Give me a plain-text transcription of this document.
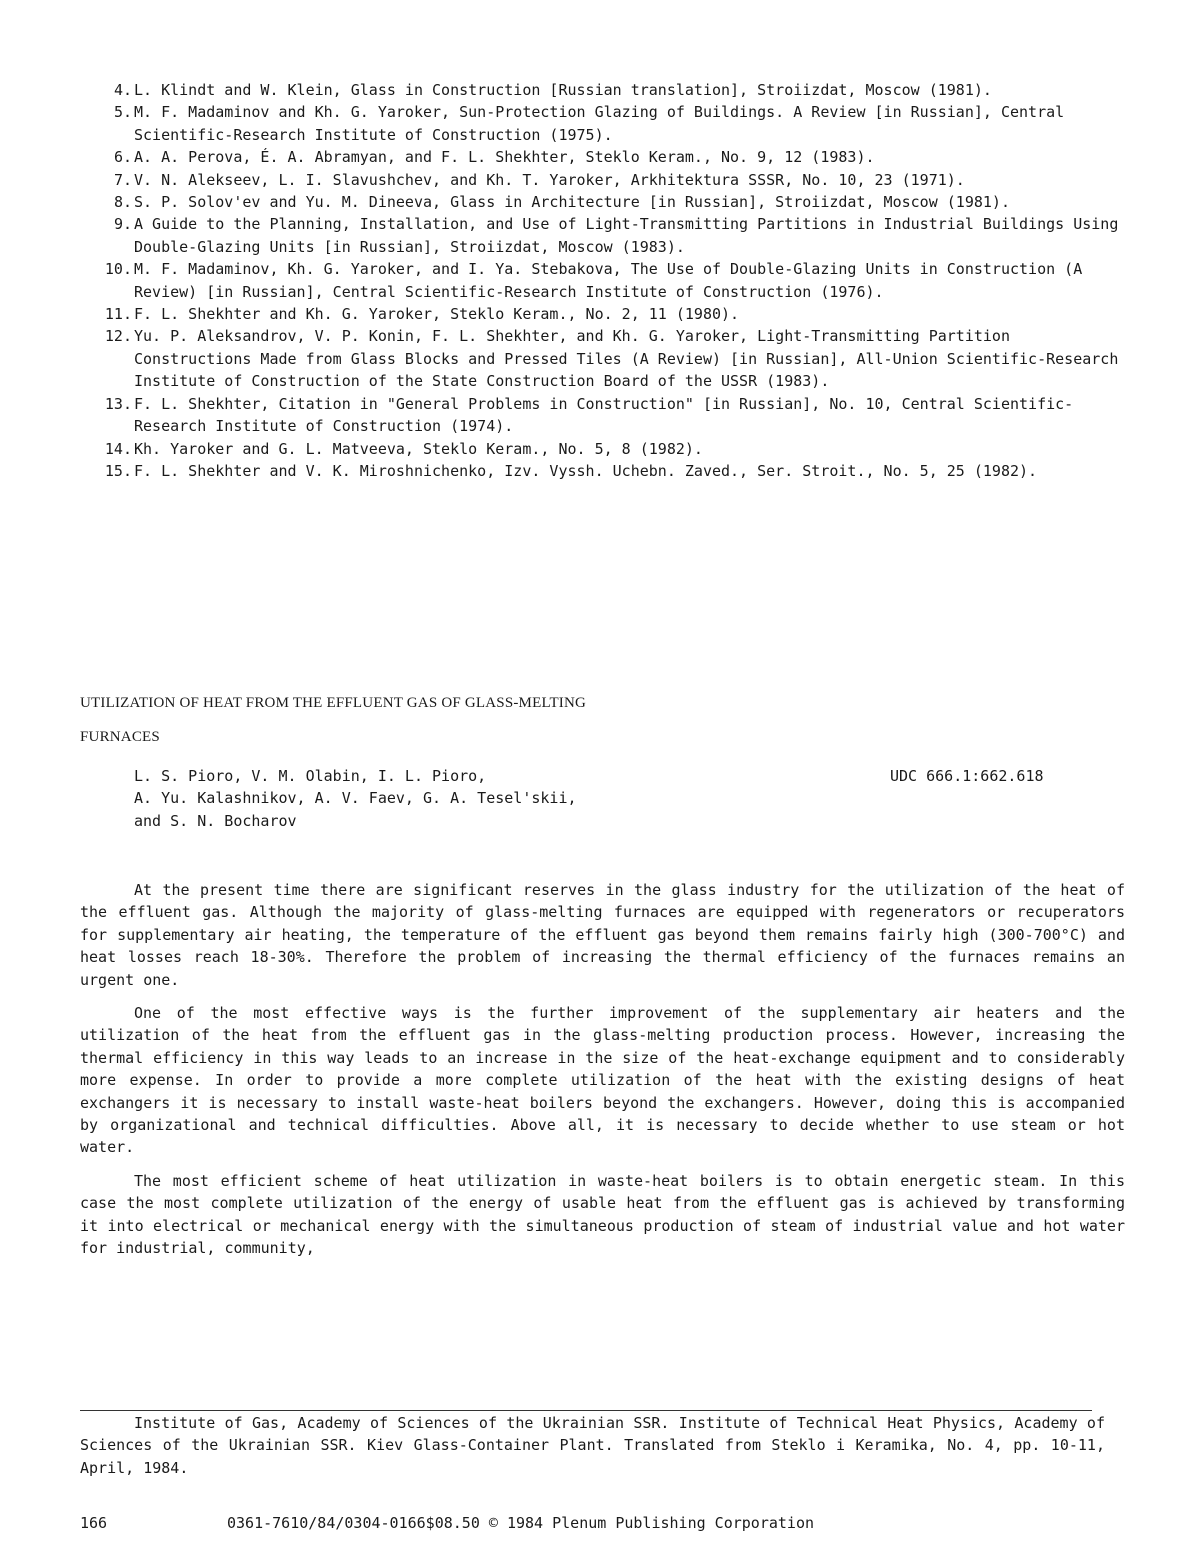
4. L. Klindt and W. Klein, Glass in Construction [Russian translation], Stroiizdat, Moscow (1981).
5. M. F. Madaminov and Kh. G. Yaroker, Sun-Protection Glazing of Buildings. A Review [in Russian], Central Scientific-Research Institute of Construction (1975).
6. A. A. Perova, É. A. Abramyan, and F. L. Shekhter, Steklo Keram., No. 9, 12 (1983).
7. V. N. Alekseev, L. I. Slavushchev, and Kh. T. Yaroker, Arkhitektura SSSR, No. 10, 23 (1971).
8. S. P. Solov'ev and Yu. M. Dineeva, Glass in Architecture [in Russian], Stroiizdat, Moscow (1981).
9. A Guide to the Planning, Installation, and Use of Light-Transmitting Partitions in Industrial Buildings Using Double-Glazing Units [in Russian], Stroiizdat, Moscow (1983).
10. M. F. Madaminov, Kh. G. Yaroker, and I. Ya. Stebakova, The Use of Double-Glazing Units in Construction (A Review) [in Russian], Central Scientific-Research Institute of Construction (1976).
11. F. L. Shekhter and Kh. G. Yaroker, Steklo Keram., No. 2, 11 (1980).
12. Yu. P. Aleksandrov, V. P. Konin, F. L. Shekhter, and Kh. G. Yaroker, Light-Transmitting Partition Constructions Made from Glass Blocks and Pressed Tiles (A Review) [in Russian], All-Union Scientific-Research Institute of Construction of the State Construction Board of the USSR (1983).
13. F. L. Shekhter, Citation in "General Problems in Construction" [in Russian], No. 10, Central Scientific-Research Institute of Construction (1974).
14. Kh. Yaroker and G. L. Matveeva, Steklo Keram., No. 5, 8 (1982).
15. F. L. Shekhter and V. K. Miroshnichenko, Izv. Vyssh. Uchebn. Zaved., Ser. Stroit., No. 5, 25 (1982).
UTILIZATION OF HEAT FROM THE EFFLUENT GAS OF GLASS-MELTING
FURNACES
L. S. Pioro, V. M. Olabin, I. L. Pioro,
A. Yu. Kalashnikov, A. V. Faev, G. A. Tesel'skii,
and S. N. Bocharov
UDC 666.1:662.618

At the present time there are significant reserves in the glass industry for the utilization of the heat of the effluent gas. Although the majority of glass-melting furnaces are equipped with regenerators or recuperators for supplementary air heating, the temperature of the effluent gas beyond them remains fairly high (300-700°C) and heat losses reach 18-30%. Therefore the problem of increasing the thermal efficiency of the furnaces remains an urgent one.

One of the most effective ways is the further improvement of the supplementary air heaters and the utilization of the heat from the effluent gas in the glass-melting production process. However, increasing the thermal efficiency in this way leads to an increase in the size of the heat-exchange equipment and to considerably more expense. In order to provide a more complete utilization of the heat with the existing designs of heat exchangers it is necessary to install waste-heat boilers beyond the exchangers. However, doing this is accompanied by organizational and technical difficulties. Above all, it is necessary to decide whether to use steam or hot water.

The most efficient scheme of heat utilization in waste-heat boilers is to obtain energetic steam. In this case the most complete utilization of the energy of usable heat from the effluent gas is achieved by transforming it into electrical or mechanical energy with the simultaneous production of steam of industrial value and hot water for industrial, community,

Institute of Gas, Academy of Sciences of the Ukrainian SSR. Institute of Technical Heat Physics, Academy of Sciences of the Ukrainian SSR. Kiev Glass-Container Plant. Translated from Steklo i Keramika, No. 4, pp. 10-11, April, 1984.

166	0361-7610/84/0304-0166$08.50 © 1984 Plenum Publishing Corporation
